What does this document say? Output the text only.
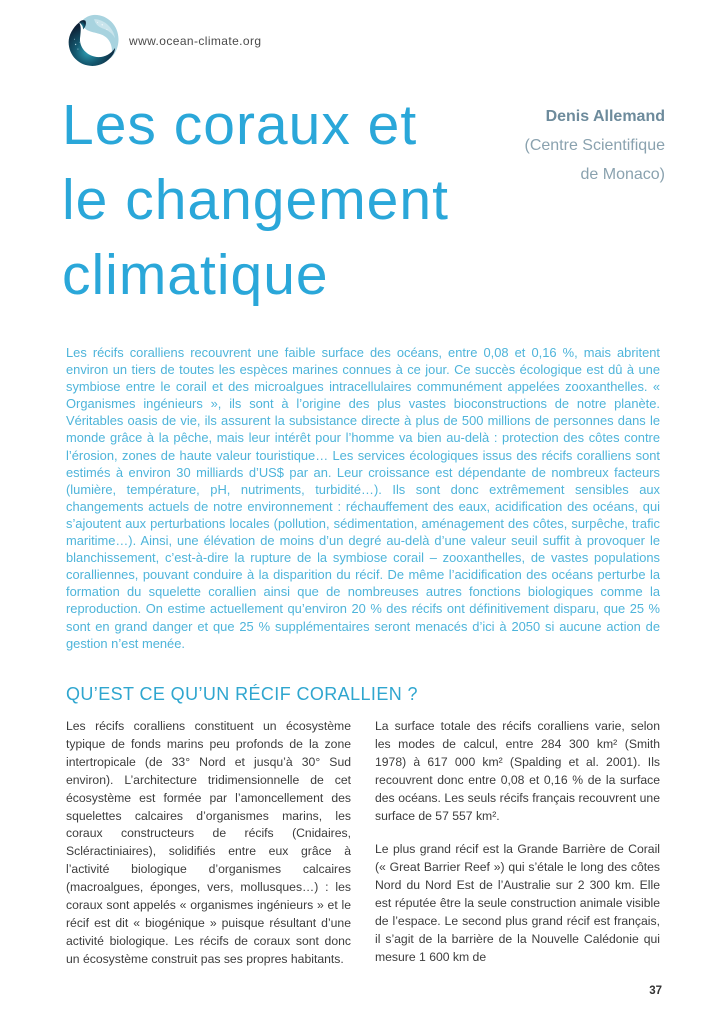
www.ocean-climate.org
Les coraux et
le changement
climatique
Denis Allemand
(Centre Scientifique
de Monaco)

Les récifs coralliens recouvrent une faible surface des océans, entre 0,08 et 0,16 %, mais abritent environ un tiers de toutes les espèces marines connues à ce jour. Ce succès écologique est dû à une symbiose entre le corail et des microalgues intracellulaires communément appelées zooxanthelles. « Organismes ingénieurs », ils sont à l’origine des plus vastes bioconstructions de notre planète. Véritables oasis de vie, ils assurent la subsistance directe à plus de 500 millions de personnes dans le monde grâce à la pêche, mais leur intérêt pour l’homme va bien au-delà : protection des côtes contre l’érosion, zones de haute valeur touristique… Les services écologiques issus des récifs coralliens sont estimés à environ 30 milliards d’US$ par an. Leur croissance est dépendante de nombreux facteurs (lumière, température, pH, nutriments, turbidité…). Ils sont donc extrêmement sensibles aux changements actuels de notre environnement : réchauffement des eaux, acidification des océans, qui s’ajoutent aux perturbations locales (pollution, sédimentation, aménagement des côtes, surpêche, trafic maritime…). Ainsi, une élévation de moins d’un degré au-delà d’une valeur seuil suffit à provoquer le blanchissement, c’est-à-dire la rupture de la symbiose corail – zooxanthelles, de vastes populations coralliennes, pouvant conduire à la disparition du récif. De même l’acidification des océans perturbe la formation du squelette corallien ainsi que de nombreuses autres fonctions biologiques comme la reproduction. On estime actuellement qu’environ 20 % des récifs ont définitivement disparu, que 25 % sont en grand danger et que 25 % supplémentaires seront menacés d’ici à 2050 si aucune action de gestion n’est menée.

QU’EST CE QU’UN RÉCIF CORALLIEN ?

Les récifs coralliens constituent un écosystème typique de fonds marins peu profonds de la zone intertropicale (de 33° Nord et jusqu’à 30° Sud environ). L’architecture tridimensionnelle de cet écosystème est formée par l’amoncellement des squelettes calcaires d’organismes marins, les coraux constructeurs de récifs (Cnidaires, Scléractiniaires), solidifiés entre eux grâce à l’activité biologique d’organismes calcaires (macroalgues, éponges, vers, mollusques…) : les coraux sont appelés « organismes ingénieurs » et le récif est dit « biogénique » puisque résultant d’une activité biologique. Les récifs de coraux sont donc un écosystème construit pas ses propres habitants.

La surface totale des récifs coralliens varie, selon les modes de calcul, entre 284 300 km² (Smith 1978) à 617 000 km² (Spalding et al. 2001). Ils recouvrent donc entre 0,08 et 0,16 % de la surface des océans. Les seuls récifs français recouvrent une surface de 57 557 km².

Le plus grand récif est la Grande Barrière de Corail (« Great Barrier Reef ») qui s’étale le long des côtes Nord du Nord Est de l’Australie sur 2 300 km. Elle est réputée être la seule construction animale visible de l’espace. Le second plus grand récif est français, il s’agit de la barrière de la Nouvelle Calédonie qui mesure 1 600 km de

37
